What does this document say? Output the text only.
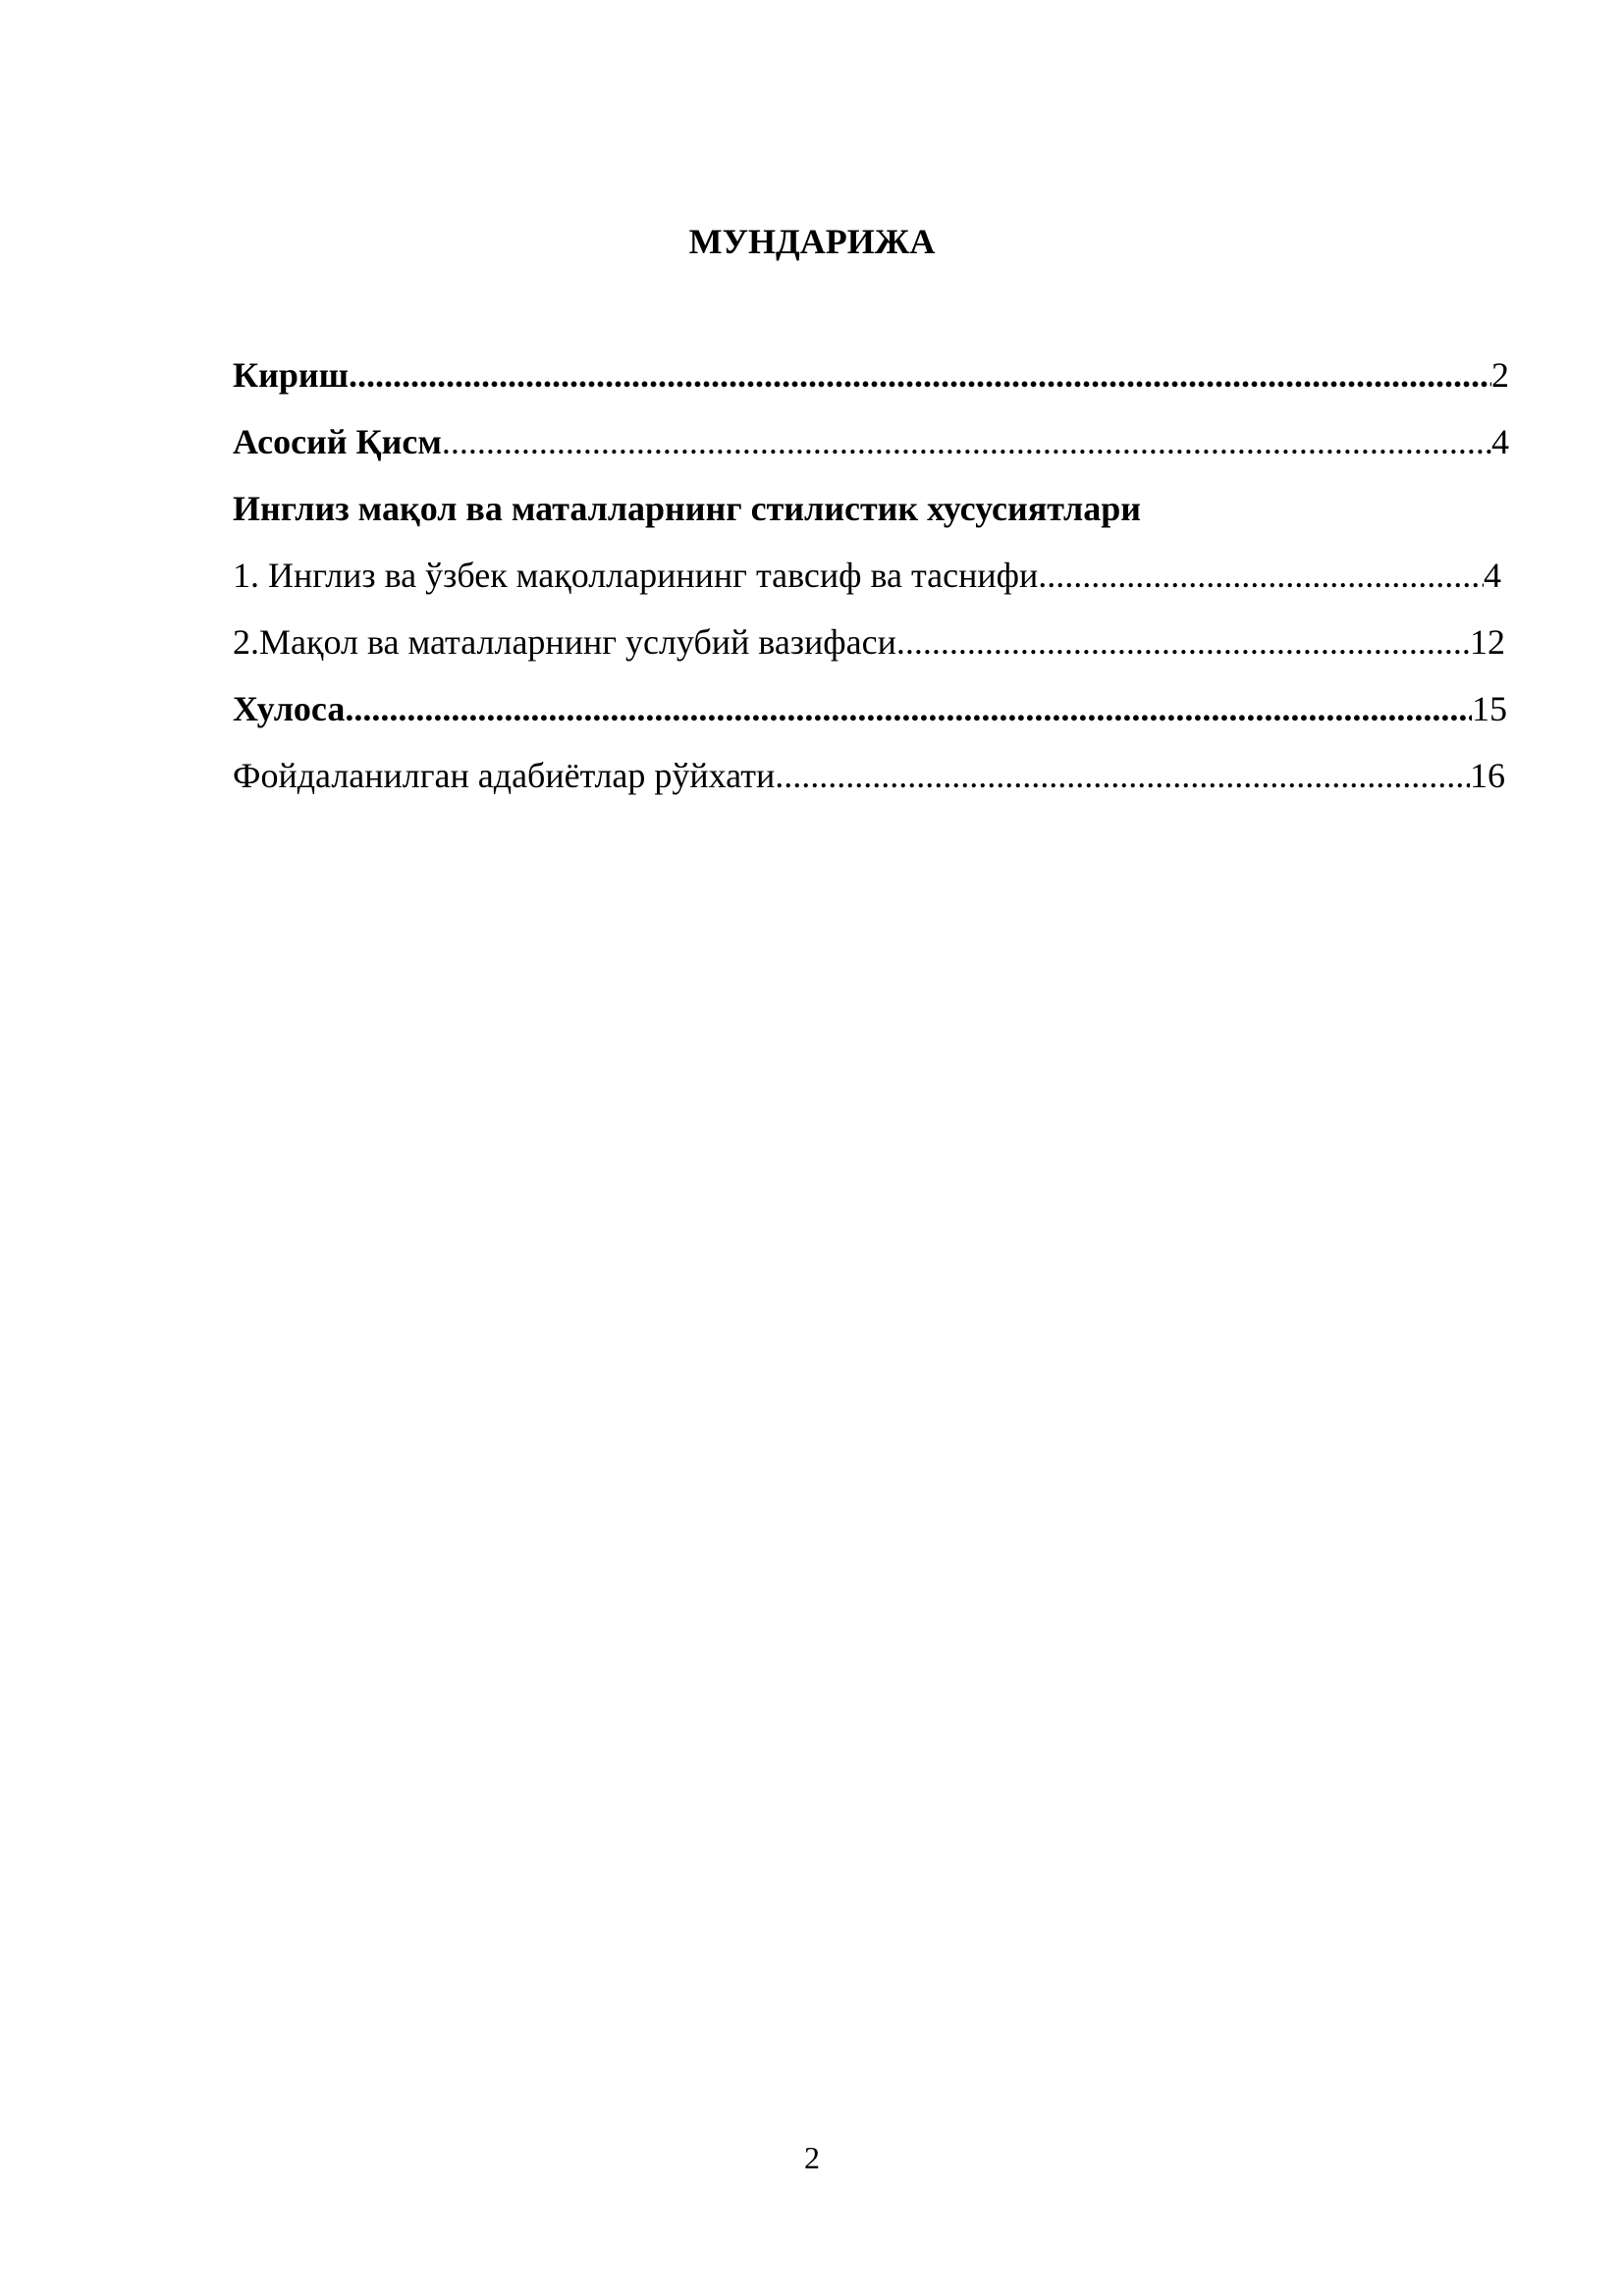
МУНДАРИЖА
Кириш .....	2
Асосий Қисм .....	4
Инглиз мақол ва маталларнинг стилистик хусусиятлари
1. Инглиз ва ўзбек мақолларининг тавсиф ва таснифи .....	4
2.Мақол ва маталларнинг услубий вазифаси .....	12
Хулоса .....	15
Фойдаланилган адабиётлар рўйхати .....	16
2
